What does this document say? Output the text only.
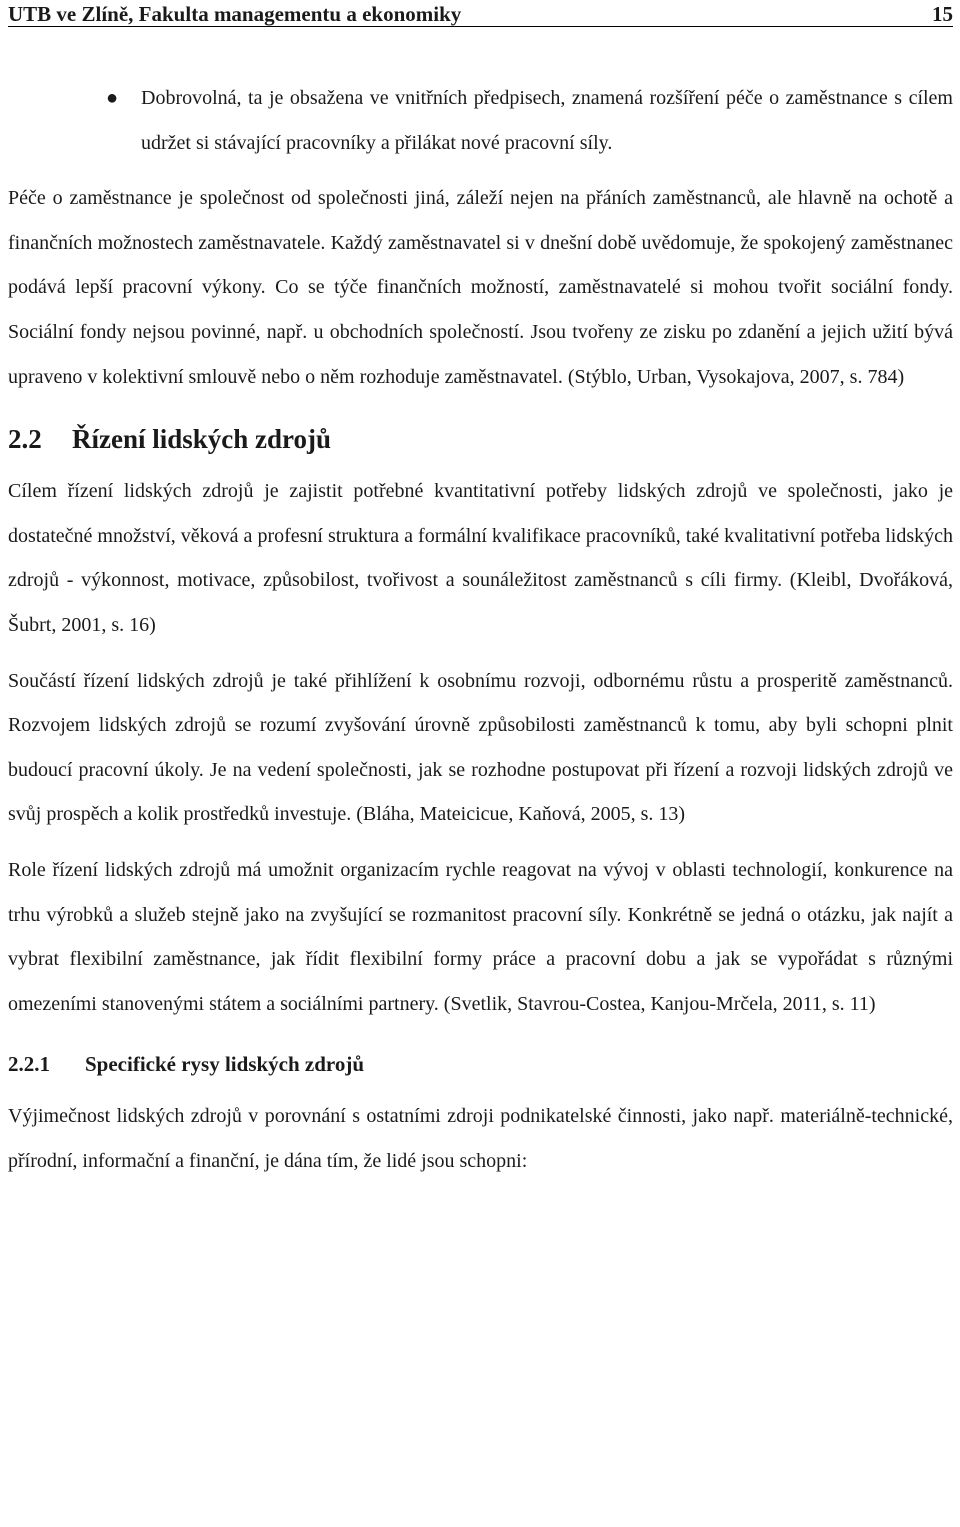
UTB ve Zlíně, Fakulta managementu a ekonomiky	15
● Dobrovolná, ta je obsažena ve vnitřních předpisech, znamená rozšíření péče o zaměstnance s cílem udržet si stávající pracovníky a přilákat nové pracovní síly.

Péče o zaměstnance je společnost od společnosti jiná, záleží nejen na přáních zaměstnanců, ale hlavně na ochotě a finančních možnostech zaměstnavatele. Každý zaměstnavatel si v dnešní době uvědomuje, že spokojený zaměstnanec podává lepší pracovní výkony. Co se týče finančních možností, zaměstnavatelé si mohou tvořit sociální fondy. Sociální fondy nejsou povinné, např. u obchodních společností. Jsou tvořeny ze zisku po zdanění a jejich užití bývá upraveno v kolektivní smlouvě nebo o něm rozhoduje zaměstnavatel. (Stýblo, Urban, Vysokajova, 2007, s. 784)

2.2	Řízení lidských zdrojů

Cílem řízení lidských zdrojů je zajistit potřebné kvantitativní potřeby lidských zdrojů ve společnosti, jako je dostatečné množství, věková a profesní struktura a formální kvalifikace pracovníků, také kvalitativní potřeba lidských zdrojů - výkonnost, motivace, způsobilost, tvořivost a sounáležitost zaměstnanců s cíli firmy. (Kleibl, Dvořáková, Šubrt, 2001, s. 16)

Součástí řízení lidských zdrojů je také přihlížení k osobnímu rozvoji, odbornému růstu a prosperitě zaměstnanců. Rozvojem lidských zdrojů se rozumí zvyšování úrovně způsobilosti zaměstnanců k tomu, aby byli schopni plnit budoucí pracovní úkoly. Je na vedení společnosti, jak se rozhodne postupovat při řízení a rozvoji lidských zdrojů ve svůj prospěch a kolik prostředků investuje. (Bláha, Mateicicue, Kaňová, 2005, s. 13)

Role řízení lidských zdrojů má umožnit organizacím rychle reagovat na vývoj v oblasti technologií, konkurence na trhu výrobků a služeb stejně jako na zvyšující se rozmanitost pracovní síly. Konkrétně se jedná o otázku, jak najít a vybrat flexibilní zaměstnance, jak řídit flexibilní formy práce a pracovní dobu a jak se vypořádat s různými omezeními stanovenými státem a sociálními partnery. (Svetlik, Stavrou-Costea, Kanjou-Mrčela, 2011, s. 11)

2.2.1	Specifické rysy lidských zdrojů

Výjimečnost lidských zdrojů v porovnání s ostatními zdroji podnikatelské činnosti, jako např. materiálně-technické, přírodní, informační a finanční, je dána tím, že lidé jsou schopni:
